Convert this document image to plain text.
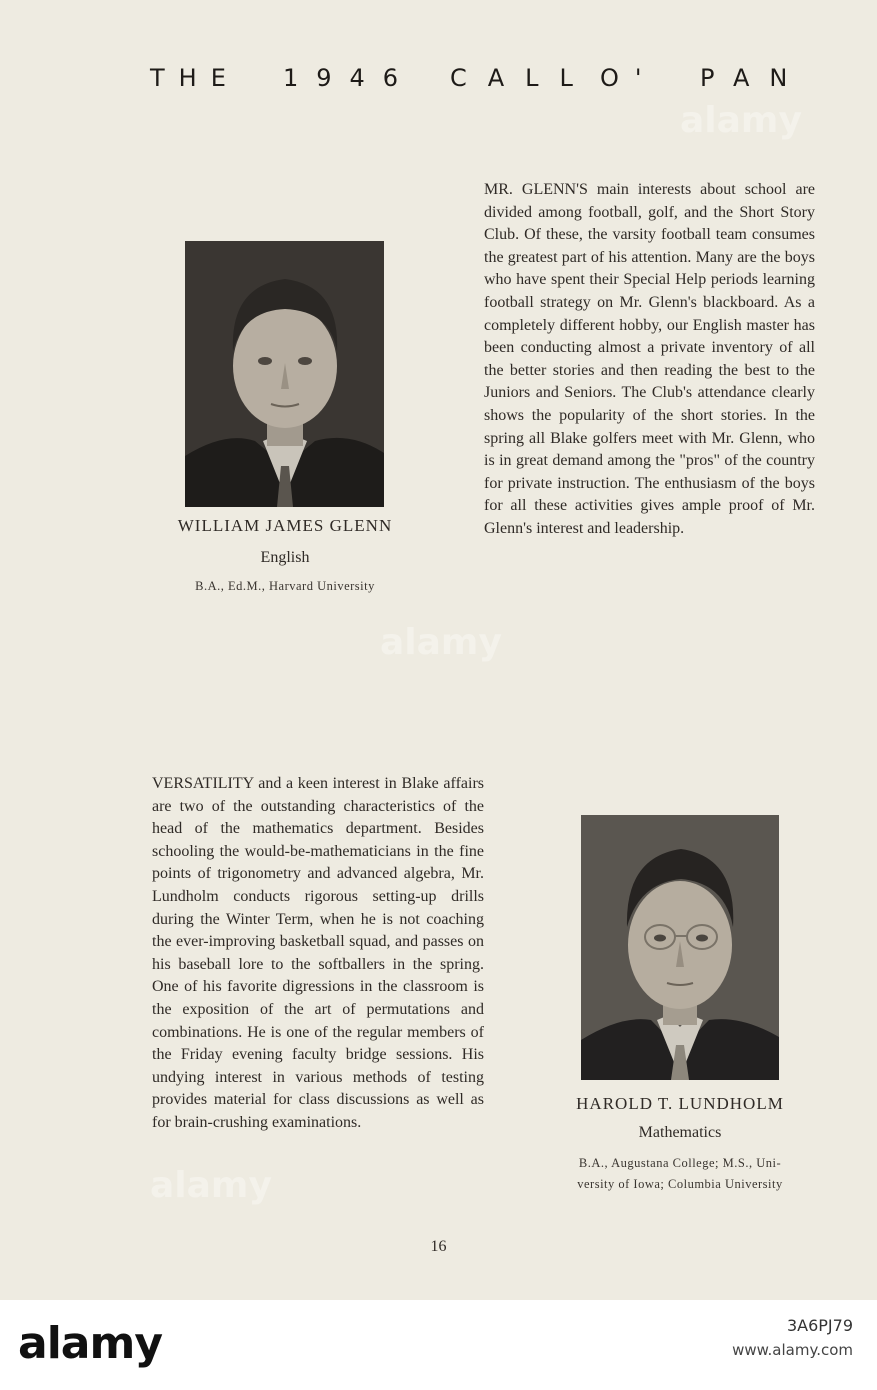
THE 1946 CALL O' PAN
WILLIAM JAMES GLENN
English
B.A., Ed.M., Harvard University

MR. GLENN'S main interests about school are divided among football, golf, and the Short Story Club. Of these, the varsity football team consumes the greatest part of his attention. Many are the boys who have spent their Special Help periods learning football strategy on Mr. Glenn's blackboard. As a completely different hobby, our English master has been conducting almost a private inventory of all the better stories and then reading the best to the Juniors and Seniors. The Club's attendance clearly shows the popularity of the short stories. In the spring all Blake golfers meet with Mr. Glenn, who is in great demand among the "pros" of the country for private instruction. The enthusiasm of the boys for all these activities gives ample proof of Mr. Glenn's interest and leadership.

VERSATILITY and a keen interest in Blake affairs are two of the outstanding characteristics of the head of the mathematics department. Besides schooling the would-be-mathematicians in the fine points of trigonometry and advanced algebra, Mr. Lundholm conducts rigorous setting-up drills during the Winter Term, when he is not coaching the ever-improving basketball squad, and passes on his baseball lore to the softballers in the spring. One of his favorite digressions in the classroom is the exposition of the art of permutations and combinations. He is one of the regular members of the Friday evening faculty bridge sessions. His undying interest in various methods of testing provides material for class discussions as well as for brain-crushing examinations.

HAROLD T. LUNDHOLM
Mathematics
B.A., Augustana College; M.S., Uni-
versity of Iowa; Columbia University
16
alamy
alamy
alamy
alamy	3A6PJ79
www.alamy.com
